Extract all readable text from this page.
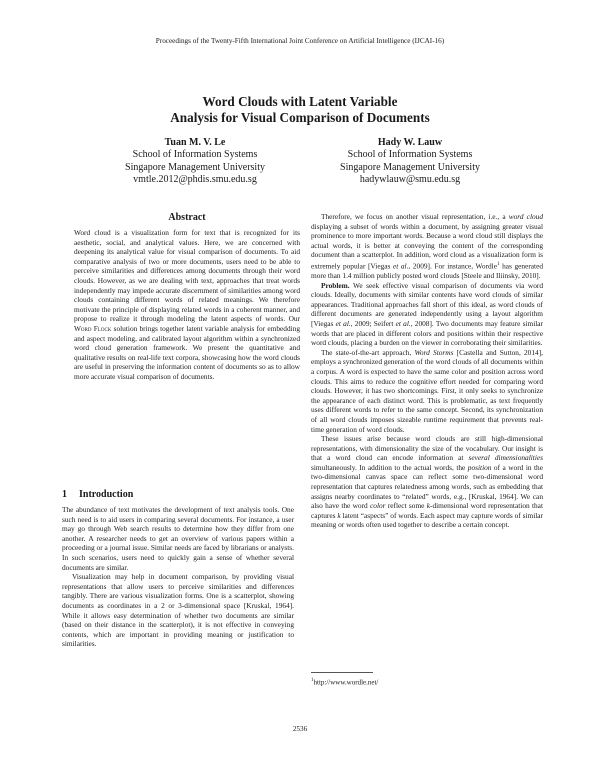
Proceedings of the Twenty-Fifth International Joint Conference on Artificial Intelligence (IJCAI-16)
Word Clouds with Latent Variable
Analysis for Visual Comparison of Documents
Tuan M. V. Le
School of Information Systems
Singapore Management University
vmtle.2012@phdis.smu.edu.sg
Hady W. Lauw
School of Information Systems
Singapore Management University
hadywlauw@smu.edu.sg
Abstract
Word cloud is a visualization form for text that is recognized for its aesthetic, social, and analytical values. Here, we are concerned with deepening its analytical value for visual comparison of documents. To aid comparative analysis of two or more documents, users need to be able to perceive similarities and differences among documents through their word clouds. However, as we are dealing with text, approaches that treat words independently may impede accurate discernment of similarities among word clouds containing different words of related meanings. We therefore motivate the principle of displaying related words in a coherent manner, and propose to realize it through modeling the latent aspects of words. Our Word Flock solution brings together latent variable analysis for embedding and aspect modeling, and calibrated layout algorithm within a synchronized word cloud generation framework. We present the quantitative and qualitative results on real-life text corpora, showcasing how the word clouds are useful in preserving the information content of documents so as to allow more accurate visual comparison of documents.
1 Introduction

The abundance of text motivates the development of text analysis tools. One such need is to aid users in comparing several documents. For instance, a user may go through Web search results to determine how they differ from one another. A researcher needs to get an overview of various papers within a proceeding or a journal issue. Similar needs are faced by librarians or analysts. In such scenarios, users need to quickly gain a sense of whether several documents are similar.

Visualization may help in document comparison, by providing visual representations that allow users to perceive similarities and differences tangibly. There are various visualization forms. One is a scatterplot, showing documents as coordinates in a 2 or 3-dimensional space [Kruskal, 1964]. While it allows easy determination of whether two documents are similar (based on their distance in the scatterplot), it is not effective in conveying contents, which are important in providing meaning or justification to similarities.

Therefore, we focus on another visual representation, i.e., a word cloud displaying a subset of words within a document, by assigning greater visual prominence to more important words. Because a word cloud still displays the actual words, it is better at conveying the content of the corresponding document than a scatterplot. In addition, word cloud as a visualization form is extremely popular [Viegas et al., 2009]. For instance, Wordle$^1$ has generated more than 1.4 million publicly posted word clouds [Steele and Iliinsky, 2010].

Problem. We seek effective visual comparison of documents via word clouds. Ideally, documents with similar contents have word clouds of similar appearances. Traditional approaches fall short of this ideal, as word clouds of different documents are generated independently using a layout algorithm [Viegas et al., 2009; Seifert et al., 2008]. Two documents may feature similar words that are placed in different colors and positions within their respective word clouds, placing a burden on the viewer in corroborating their similarities.

The state-of-the-art approach, Word Storms [Castella and Sutton, 2014], employs a synchronized generation of the word clouds of all documents within a corpus. A word is expected to have the same color and position across word clouds. This aims to reduce the cognitive effort needed for comparing word clouds. However, it has two shortcomings. First, it only seeks to synchronize the appearance of each distinct word. This is problematic, as text frequently uses different words to refer to the same concept. Second, its synchronization of all word clouds imposes sizeable runtime requirement that prevents real-time generation of word clouds.

These issues arise because word clouds are still high-dimensional representations, with dimensionality the size of the vocabulary. Our insight is that a word cloud can encode information at several dimensionalities simultaneously. In addition to the actual words, the position of a word in the two-dimensional canvas space can reflect some two-dimensional word representation that captures relatedness among words, such as embedding that assigns nearby coordinates to “related” words, e.g., [Kruskal, 1964]. We can also have the word color reflect some k-dimensional word representation that captures k latent “aspects” of words. Each aspect may capture words of similar meaning or words often used together to describe a certain concept.

$^1$http://www.wordle.net/
2536
